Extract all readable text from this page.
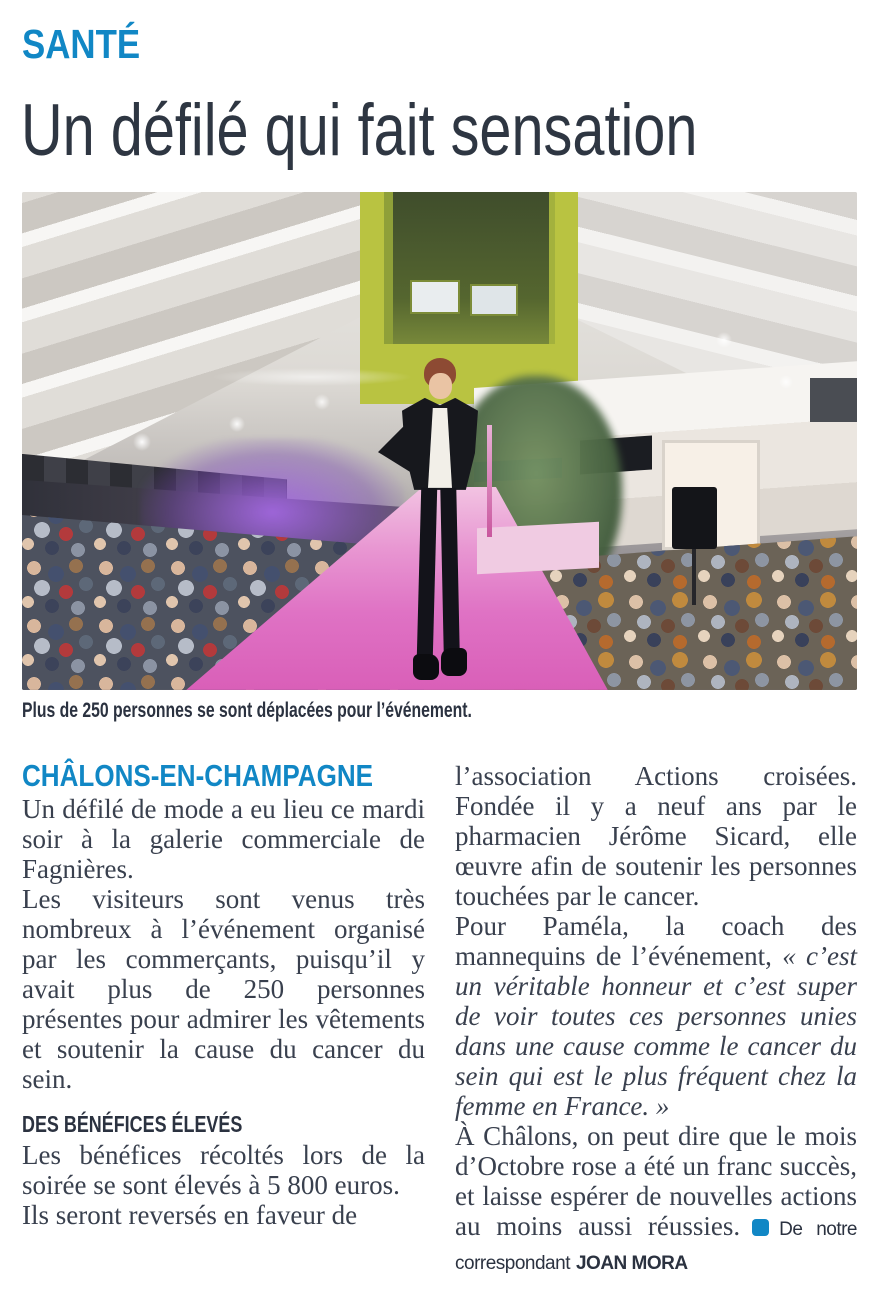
SANTÉ
Un défilé qui fait sensation
Plus de 250 personnes se sont déplacées pour l’événement.
CHÂLONS-EN-CHAMPAGNE

Un défilé de mode a eu lieu ce mardi soir à la galerie commerciale de Fagnières.

Les visiteurs sont venus très nombreux à l’événement organisé par les commerçants, puisqu’il y avait plus de 250 personnes présentes pour admirer les vêtements et soutenir la cause du cancer du sein.

DES BÉNÉFICES ÉLEVÉS

Les bénéfices récoltés lors de la soirée se sont élevés à 5 800 euros.

Ils seront reversés en faveur de

l’association Actions croisées. Fondée il y a neuf ans par le pharmacien Jérôme Sicard, elle œuvre afin de soutenir les personnes touchées par le cancer.

Pour Paméla, la coach des mannequins de l’événement, « c’est un véritable honneur et c’est super de voir toutes ces personnes unies dans une cause comme le cancer du sein qui est le plus fréquent chez la femme en France. »

À Châlons, on peut dire que le mois d’Octobre rose a été un franc succès, et laisse espérer de nouvelles actions au moins aussi réussies. De notre correspondant JOAN MORA
